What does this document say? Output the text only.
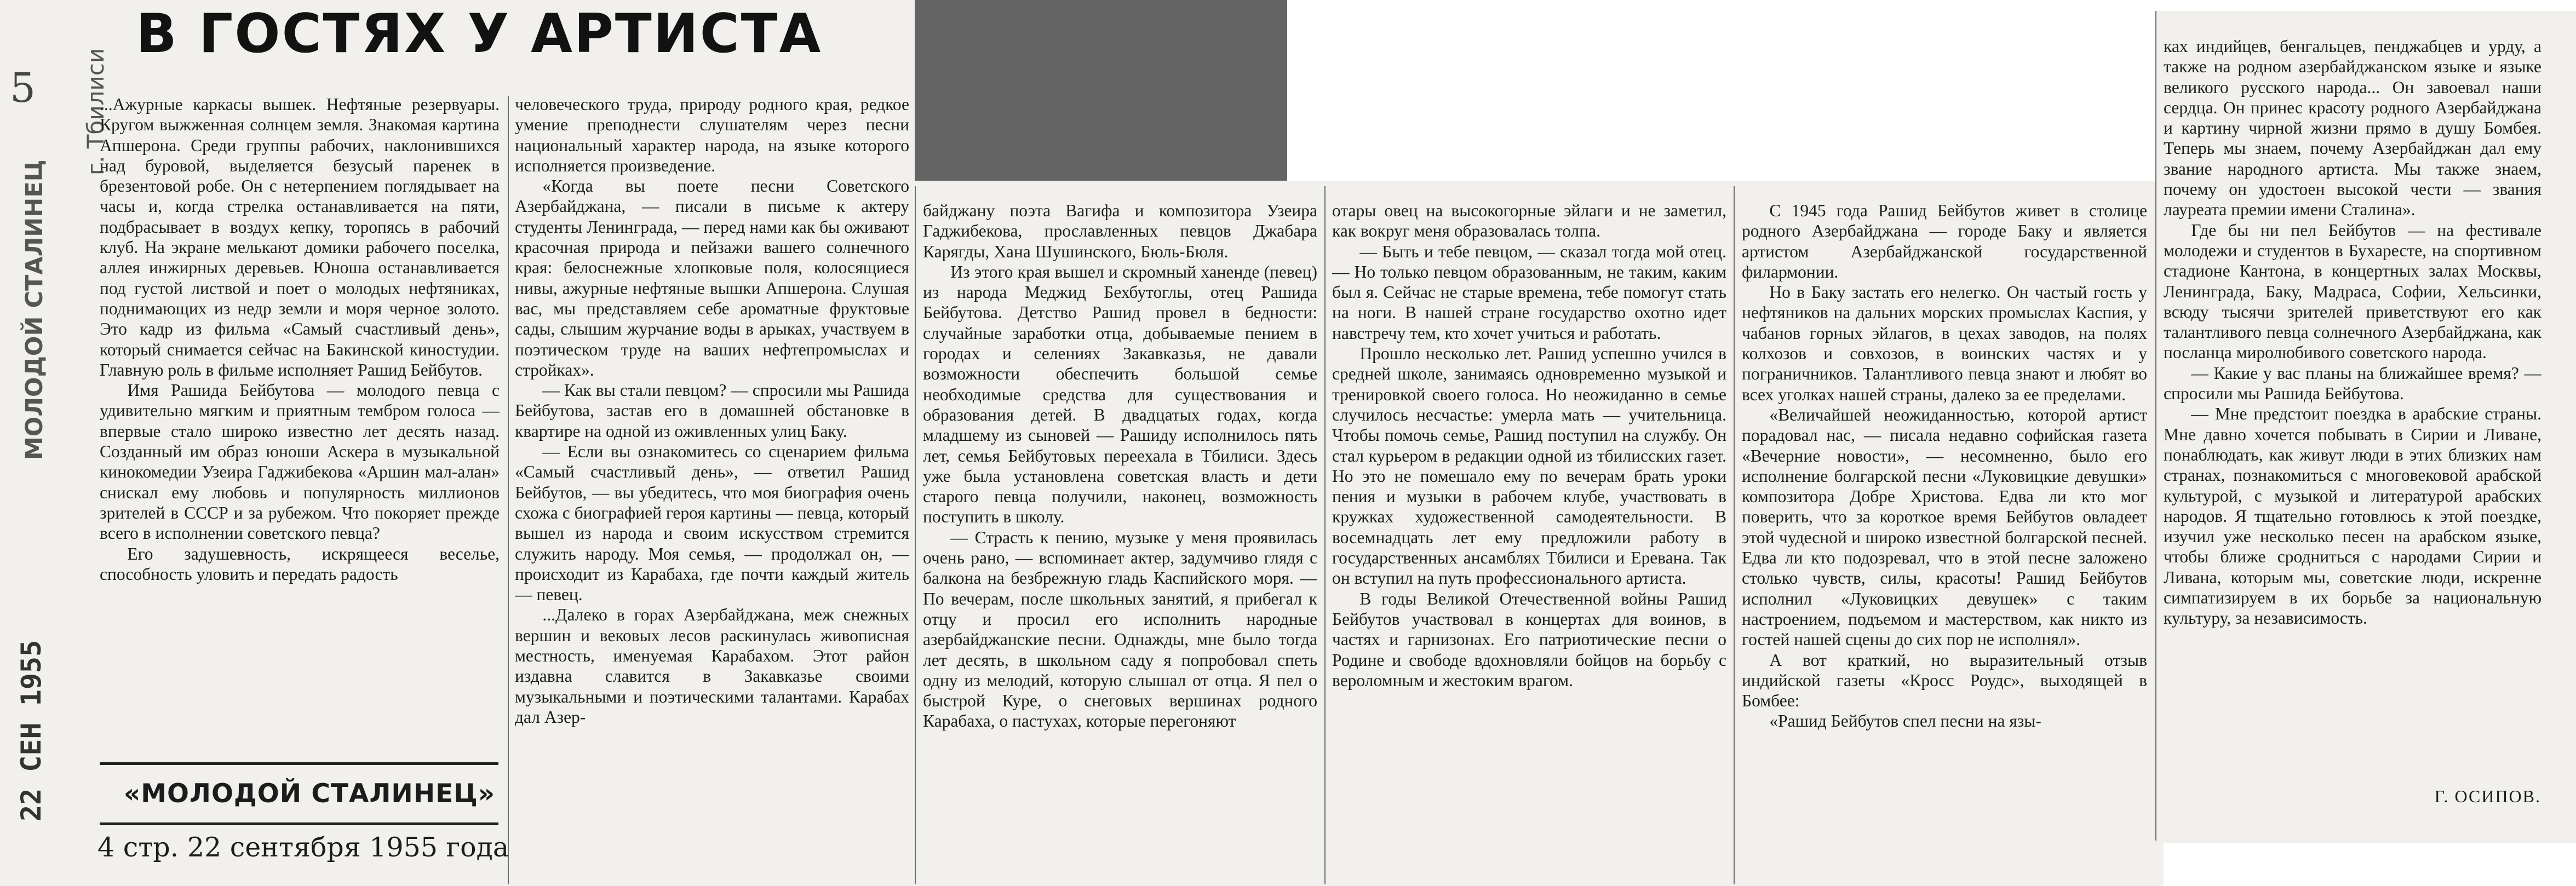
5
МОЛОДОЙ СТАЛИНЕЦ
г. Тбилиси
22 СЕН 1955
В ГОСТЯХ У АРТИСТА

...Ажурные каркасы вышек. Нефтяные резервуары. Кругом выжженная солнцем земля. Знакомая картина Апшерона. Среди группы рабочих, наклонившихся над буровой, выделяется безусый паренек в брезентовой робе. Он с нетерпением поглядывает на часы и, когда стрелка останавливается на пяти, подбрасывает в воздух кепку, торопясь в рабочий клуб. На экране мелькают домики рабочего поселка, аллея инжирных деревьев. Юноша останавливается под густой листвой и поет о молодых нефтяниках, поднимающих из недр земли и моря черное золото. Это кадр из фильма «Самый счастливый день», который снимается сейчас на Бакинской киностудии. Главную роль в фильме исполняет Рашид Бейбутов.

Имя Рашида Бейбутова — молодого певца с удивительно мягким и приятным тембром голоса — впервые стало широко известно лет десять назад. Созданный им образ юноши Аскера в музыкальной кинокомедии Узеира Гаджибекова «Аршин мал-алан» снискал ему любовь и популярность миллионов зрителей в СССР и за рубежом. Что покоряет прежде всего в исполнении советского певца?

Его задушевность, искрящееся веселье, способность уловить и передать радость

«МОЛОДОЙ СТАЛИНЕЦ»
4 стр. 22 сентября 1955 года

человеческого труда, природу родного края, редкое умение преподнести слушателям через песни национальный характер народа, на языке которого исполняется произведение.

«Когда вы поете песни Советского Азербайджана, — писали в письме к актеру студенты Ленинграда, — перед нами как бы оживают красочная природа и пейзажи вашего солнечного края: белоснежные хлопковые поля, колосящиеся нивы, ажурные нефтяные вышки Апшерона. Слушая вас, мы представляем себе ароматные фруктовые сады, слышим журчание воды в арыках, участвуем в поэтическом труде на ваших нефтепромыслах и стройках».

— Как вы стали певцом? — спросили мы Рашида Бейбутова, застав его в домашней обстановке в квартире на одной из оживленных улиц Баку.

— Если вы ознакомитесь со сценарием фильма «Самый счастливый день», — ответил Рашид Бейбутов, — вы убедитесь, что моя биография очень схожа с биографией героя картины — певца, который вышел из народа и своим искусством стремится служить народу. Моя семья, — продолжал он, — происходит из Карабаха, где почти каждый житель — певец.

...Далеко в горах Азербайджана, меж снежных вершин и вековых лесов раскинулась живописная местность, именуемая Карабахом. Этот район издавна славится в Закавказье своими музыкальными и поэтическими талантами. Карабах дал Азер-

байджану поэта Вагифа и композитора Узеира Гаджибекова, прославленных певцов Джабара Карягды, Хана Шушинского, Бюль-Бюля.

Из этого края вышел и скромный ханенде (певец) из народа Меджид Бехбутоглы, отец Рашида Бейбутова. Детство Рашид провел в бедности: случайные заработки отца, добываемые пением в городах и селениях Закавказья, не давали возможности обеспечить большой семье необходимые средства для существования и образования детей. В двадцатых годах, когда младшему из сыновей — Рашиду исполнилось пять лет, семья Бейбутовых переехала в Тбилиси. Здесь уже была установлена советская власть и дети старого певца получили, наконец, возможность поступить в школу.

— Страсть к пению, музыке у меня проявилась очень рано, — вспоминает актер, задумчиво глядя с балкона на безбрежную гладь Каспийского моря. — По вечерам, после школьных занятий, я прибегал к отцу и просил его исполнить народные азербайджанские песни. Однажды, мне было тогда лет десять, в школьном саду я попробовал спеть одну из мелодий, которую слышал от отца. Я пел о быстрой Куре, о снеговых вершинах родного Карабаха, о пастухах, которые перегоняют

отары овец на высокогорные эйлаги и не заметил, как вокруг меня образовалась толпа.

— Быть и тебе певцом, — сказал тогда мой отец. — Но только певцом образованным, не таким, каким был я. Сейчас не старые времена, тебе помогут стать на ноги. В нашей стране государство охотно идет навстречу тем, кто хочет учиться и работать.

Прошло несколько лет. Рашид успешно учился в средней школе, занимаясь одновременно музыкой и тренировкой своего голоса. Но неожиданно в семье случилось несчастье: умерла мать — учительница. Чтобы помочь семье, Рашид поступил на службу. Он стал курьером в редакции одной из тбилисских газет. Но это не помешало ему по вечерам брать уроки пения и музыки в рабочем клубе, участвовать в кружках художественной самодеятельности. В восемнадцать лет ему предложили работу в государственных ансамблях Тбилиси и Еревана. Так он вступил на путь профессионального артиста.

В годы Великой Отечественной войны Рашид Бейбутов участвовал в концертах для воинов, в частях и гарнизонах. Его патриотические песни о Родине и свободе вдохновляли бойцов на борьбу с вероломным и жестоким врагом.

С 1945 года Рашид Бейбутов живет в столице родного Азербайджана — городе Баку и является артистом Азербайджанской государственной филармонии.

Но в Баку застать его нелегко. Он частый гость у нефтяников на дальних морских промыслах Каспия, у чабанов горных эйлагов, в цехах заводов, на полях колхозов и совхозов, в воинских частях и у пограничников. Талантливого певца знают и любят во всех уголках нашей страны, далеко за ее пределами.

«Величайшей неожиданностью, которой артист порадовал нас, — писала недавно софийская газета «Вечерние новости», — несомненно, было его исполнение болгарской песни «Луковицкие девушки» композитора Добре Христова. Едва ли кто мог поверить, что за короткое время Бейбутов овладеет этой чудесной и широко известной болгарской песней. Едва ли кто подозревал, что в этой песне заложено столько чувств, силы, красоты! Рашид Бейбутов исполнил «Луковицких девушек» с таким настроением, подъемом и мастерством, как никто из гостей нашей сцены до сих пор не исполнял».

А вот краткий, но выразительный отзыв индийской газеты «Кросс Роудс», выходящей в Бомбее:

«Рашид Бейбутов спел песни на язы-

ках индийцев, бенгальцев, пенджабцев и урду, а также на родном азербайджанском языке и языке великого русского народа... Он завоевал наши сердца. Он принес красоту родного Азербайджана и картину чирной жизни прямо в душу Бомбея. Теперь мы знаем, почему Азербайджан дал ему звание народного артиста. Мы также знаем, почему он удостоен высокой чести — звания лауреата премии имени Сталина».

Где бы ни пел Бейбутов — на фестивале молодежи и студентов в Бухаресте, на спортивном стадионе Кантона, в концертных залах Москвы, Ленинграда, Баку, Мадраса, Софии, Хельсинки, всюду тысячи зрителей приветствуют его как талантливого певца солнечного Азербайджана, как посланца миролюбивого советского народа.

— Какие у вас планы на ближайшее время? — спросили мы Рашида Бейбутова.

— Мне предстоит поездка в арабские страны. Мне давно хочется побывать в Сирии и Ливане, понаблюдать, как живут люди в этих близких нам странах, познакомиться с многовековой арабской культурой, с музыкой и литературой арабских народов. Я тщательно готовлюсь к этой поездке, изучил уже несколько песен на арабском языке, чтобы ближе сродниться с народами Сирии и Ливана, которым мы, советские люди, искренне симпатизируем в их борьбе за национальную культуру, за независимость.

Г. ОСИПОВ.
